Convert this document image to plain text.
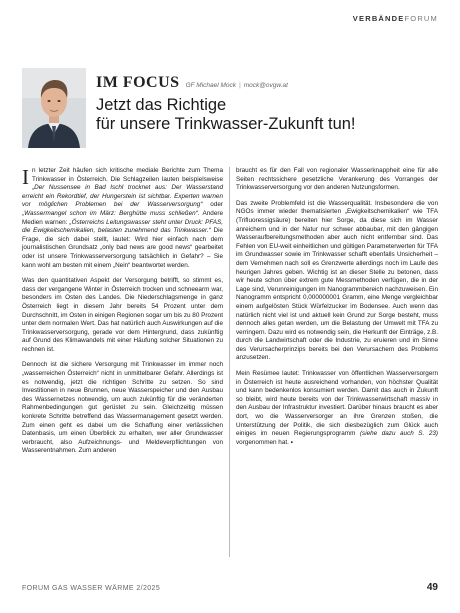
VERBÄNDEFORUM
IM FOCUS GF Michael Mock | mock@ovgw.at
Jetzt das Richtige
für unsere Trinkwasser-Zukunft tun!

In letzter Zeit häufen sich kritische mediale Berichte zum Thema Trinkwasser in Österreich. Die Schlagzeilen lauten beispielsweise „Der Nussensee in Bad Ischl trocknet aus: Der Wasserstand erreicht ein Rekordtief, der Hungerstein ist sichtbar. Experten warnen vor möglichen Problemen bei der Wasserversorgung“ oder „Wassermangel schon im März: Berghütte muss schließen“. Andere Medien warnen: „Österreichs Leitungswasser steht unter Druck: PFAS, die Ewigkeitschemikalien, belasten zunehmend das Trinkwasser.“ Die Frage, die sich dabei stellt, lautet: Wird hier einfach nach dem journalistischen Grundsatz „only bad news are good news“ gearbeitet oder ist unsere Trinkwasserversorgung tatsächlich in Gefahr? – Sie kann wohl am besten mit einem „Nein“ beantwortet werden.

Was den quantitativen Aspekt der Versorgung betrifft, so stimmt es, dass der vergangene Winter in Österreich trocken und schneearm war, besonders im Osten des Landes. Die Niederschlagsmenge in ganz Österreich liegt in diesem Jahr bereits 54 Prozent unter dem Durchschnitt, im Osten in einigen Regionen sogar um bis zu 80 Prozent unter dem normalen Wert. Das hat natürlich auch Auswirkungen auf die Trinkwasserversorgung, gerade vor dem Hintergrund, dass zukünftig auf Grund des Klimawandels mit einer Häufung solcher Situationen zu rechnen ist.

Dennoch ist die sichere Versorgung mit Trinkwasser im immer noch „wasserreichen Österreich“ nicht in unmittelbarer Gefahr. Allerdings ist es notwendig, jetzt die richtigen Schritte zu setzen. So sind Investitionen in neue Brunnen, neue Wasserspeicher und den Ausbau des Wassernetzes notwendig, um auch zukünftig für die veränderten Rahmenbedingungen gut gerüstet zu sein. Gleichzeitig müssen konkrete Schritte betreffend das Wassermanagement gesetzt werden. Zum einen geht es dabei um die Schaffung einer verlässlichen Datenbasis, um einen Überblick zu erhalten, wer aller Grundwasser verbraucht, also Aufzeichnungs- und Meldeverpflichtungen von Wasserentnahmen. Zum anderen

braucht es für den Fall von regionaler Wasserknappheit eine für alle Seiten rechtssichere gesetzliche Verankerung des Vorranges der Trinkwasserversorgung vor den anderen Nutzungsformen.

Das zweite Problemfeld ist die Wasserqualität. Insbesondere die von NGOs immer wieder thematisierten „Ewigkeitschemikalien“ wie TFA (Trifluoressigsäure) bereiten hier Sorge, da diese sich im Wasser anreichern und in der Natur nur schwer abbaubar, mit den gängigen Wasseraufbereitungsmethoden aber auch nicht entfernbar sind. Das Fehlen von EU-weit einheitlichen und gültigen Parameterwerten für TFA im Grundwasser sowie im Trinkwasser schafft ebenfalls Unsicherheit – dem Vernehmen nach soll es Grenzwerte allerdings noch im Laufe des heurigen Jahres geben. Wichtig ist an dieser Stelle zu betonen, dass wir heute schon über extrem gute Messmethoden verfügen, die in der Lage sind, Verunreinigungen im Nanogrammbereich nachzuweisen. Ein Nanogramm entspricht 0,000000001 Gramm, eine Menge vergleichbar einem aufgelösten Stück Würfelzucker im Bodensee. Auch wenn das natürlich nicht viel ist und aktuell kein Grund zur Sorge besteht, muss dennoch alles getan werden, um die Belastung der Umwelt mit TFA zu verringern. Dazu wird es notwendig sein, die Herkunft der Einträge, z.B. durch die Landwirtschaft oder die Industrie, zu eruieren und im Sinne des Verursacherprinzips bereits bei den Verursachern des Problems anzusetzen.

Mein Resümee lautet: Trinkwasser von öffentlichen Wasserversorgern in Österreich ist heute ausreichend vorhanden, von höchster Qualität und kann bedenkenlos konsumiert werden. Damit das auch in Zukunft so bleibt, wird heute bereits von der Trinkwasserwirtschaft massiv in den Ausbau der Infrastruktur investiert. Darüber hinaus braucht es aber dort, wo die Wasserversorger an ihre Grenzen stoßen, die Unterstützung der Politik, die sich diesbezüglich zum Glück auch einiges im neuen Regierungsprogramm (siehe dazu auch S. 23) vorgenommen hat. ▪

FORUM GAS WASSER WÄRME 2/2025	49
